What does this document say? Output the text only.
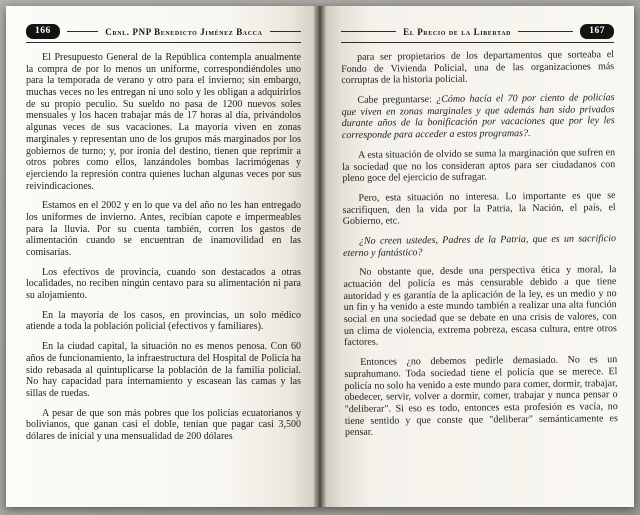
166	Crnl. PNP Benedicto Jiménez Bacca

El Presupuesto General de la República contempla anualmente la compra de por lo menos un uniforme, correspondiéndoles uno para la temporada de verano y otro para el invierno; sin embargo, muchas veces no les entregan ni uno solo y les obligan a adquirirlos de su propio peculio. Su sueldo no pasa de 1200 nuevos soles mensuales y los hacen trabajar más de 17 horas al día, privándolos algunas veces de sus vacaciones. La mayoría viven en zonas marginales y representan uno de los grupos más marginados por los gobiernos de turno; y, por ironía del destino, tienen que reprimir a otros pobres como ellos, lanzándoles bombas lacrimógenas y ejerciendo la represión contra quienes luchan algunas veces por sus reivindicaciones.

Estamos en el 2002 y en lo que va del año no les han entregado los uniformes de invierno. Antes, recibían capote e impermeables para la lluvia. Por su cuenta también, corren los gastos de alimentación cuando se encuentran de inamovilidad en las comisarías.

Los efectivos de provincia, cuando son destacados a otras localidades, no reciben ningún centavo para su alimentación ni para su alojamiento.

En la mayoría de los casos, en provincias, un solo médico atiende a toda la población policial (efectivos y familiares).

En la ciudad capital, la situación no es menos penosa. Con 60 años de funcionamiento, la infraestructura del Hospital de Policía ha sido rebasada al quintuplicarse la población de la familia policial. No hay capacidad para internamiento y escasean las camas y las sillas de ruedas.

A pesar de que son más pobres que los policías ecuatorianos y bolivianos, que ganan casi el doble, tenían que pagar casi 3,500 dólares de inicial y una mensualidad de 200 dólares

El Precio de la Libertad	167

para ser propietarios de los departamentos que sorteaba el Fondo de Vivienda Policial, una de las organizaciones más corruptas de la historia policial.

Cabe preguntarse: ¿Cómo hacía el 70 por ciento de policías que viven en zonas marginales y que además han sido privados durante años de la bonificación por vacaciones que por ley les corresponde para acceder a estos programas?.

A esta situación de olvido se suma la marginación que sufren en la sociedad que no los consideran aptos para ser ciudadanos con pleno goce del ejercicio de sufragar.

Pero, esta situación no interesa. Lo importante es que se sacrifiquen, den la vida por la Patria, la Nación, el país, el Gobierno, etc.

¿No creen ustedes, Padres de la Patria, que es un sacrificio eterno y fantástico?

No obstante que, desde una perspectiva ética y moral, la actuación del policía es más censurable debido a que tiene autoridad y es garantía de la aplicación de la ley, es un medio y no un fin y ha venido a este mundo también a realizar una alta función social en una sociedad que se debate en una crisis de valores, con un clima de violencia, extrema pobreza, escasa cultura, entre otros factores.

Entonces ¿no debemos pedirle demasiado. No es un suprahumano. Toda sociedad tiene el policía que se merece. El policía no solo ha venido a este mundo para comer, dormir, trabajar, obedecer, servir, volver a dormir, comer, trabajar y nunca pensar o "deliberar". Si eso es todo, entonces esta profesión es vacía, no tiene sentido y que conste que "deliberar" semánticamente es pensar.
